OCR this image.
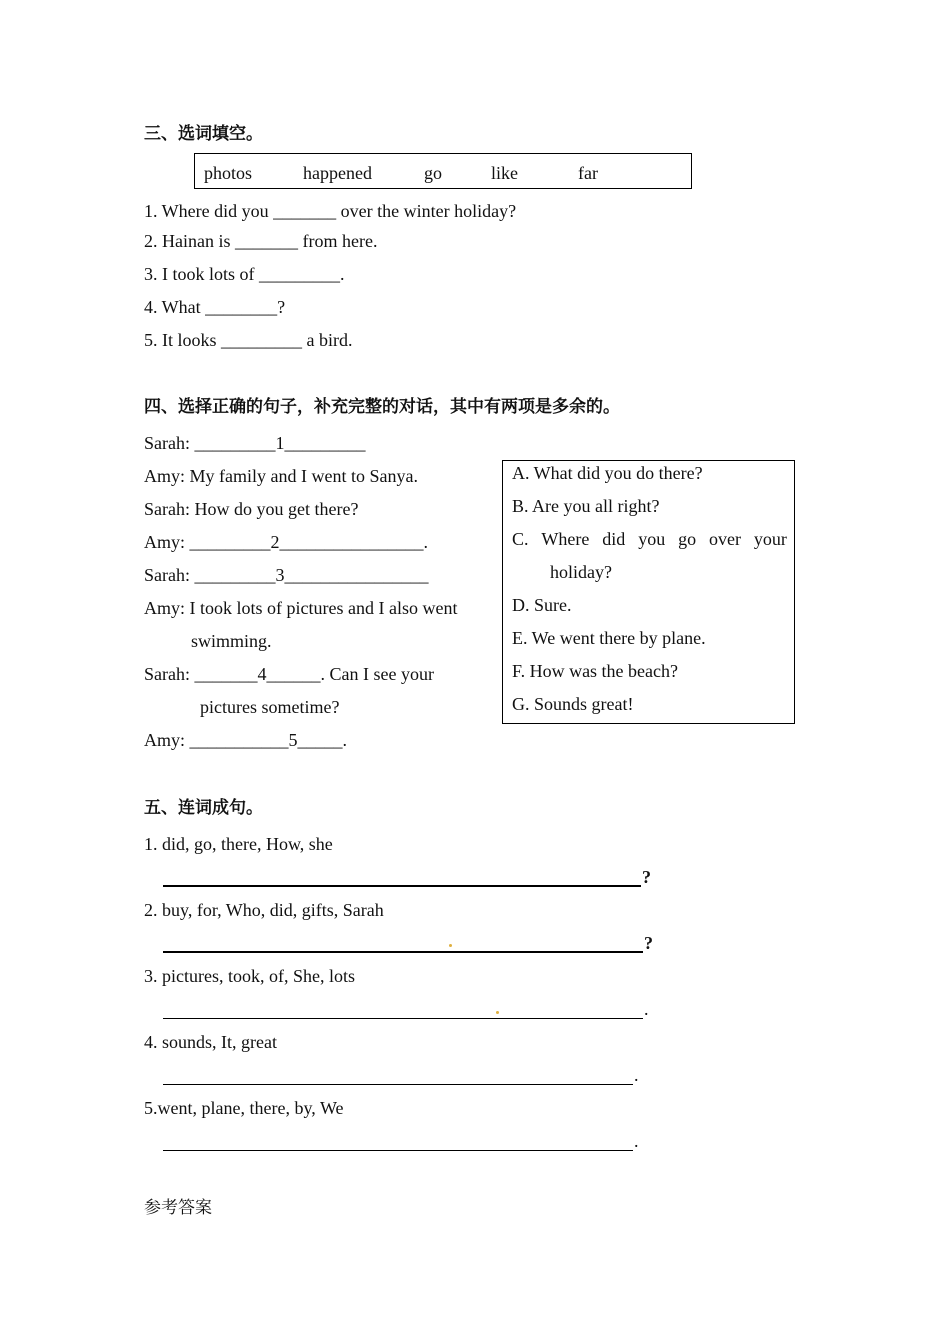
三、选词填空。
photos	happened	go	like	far
1. Where did you _______ over the winter holiday?
2. Hainan is _______ from here.
3. I took lots of _________.
4. What ________?
5. It looks _________ a bird.
四、选择正确的句子，补充完整的对话，其中有两项是多余的。
Sarah: _________1_________
Amy: My family and I went to Sanya.
Sarah: How do you get there?
Amy: _________2________________.
Sarah: _________3________________
Amy: I took lots of pictures and I also went
swimming.
Sarah: _______4______. Can I see your
pictures sometime?
Amy: ___________5_____.
A. What did you do there?
B. Are you all right?
C. Where did you go over your
holiday?
D. Sure.
E. We went there by plane.
F. How was the beach?
G. Sounds great!
五、连词成句。
1. did, go, there, How, she
?
2. buy, for, Who, did, gifts, Sarah
?
3. pictures, took, of, She, lots
.
4. sounds, It, great
.
5.went, plane, there, by, We
.
参考答案
